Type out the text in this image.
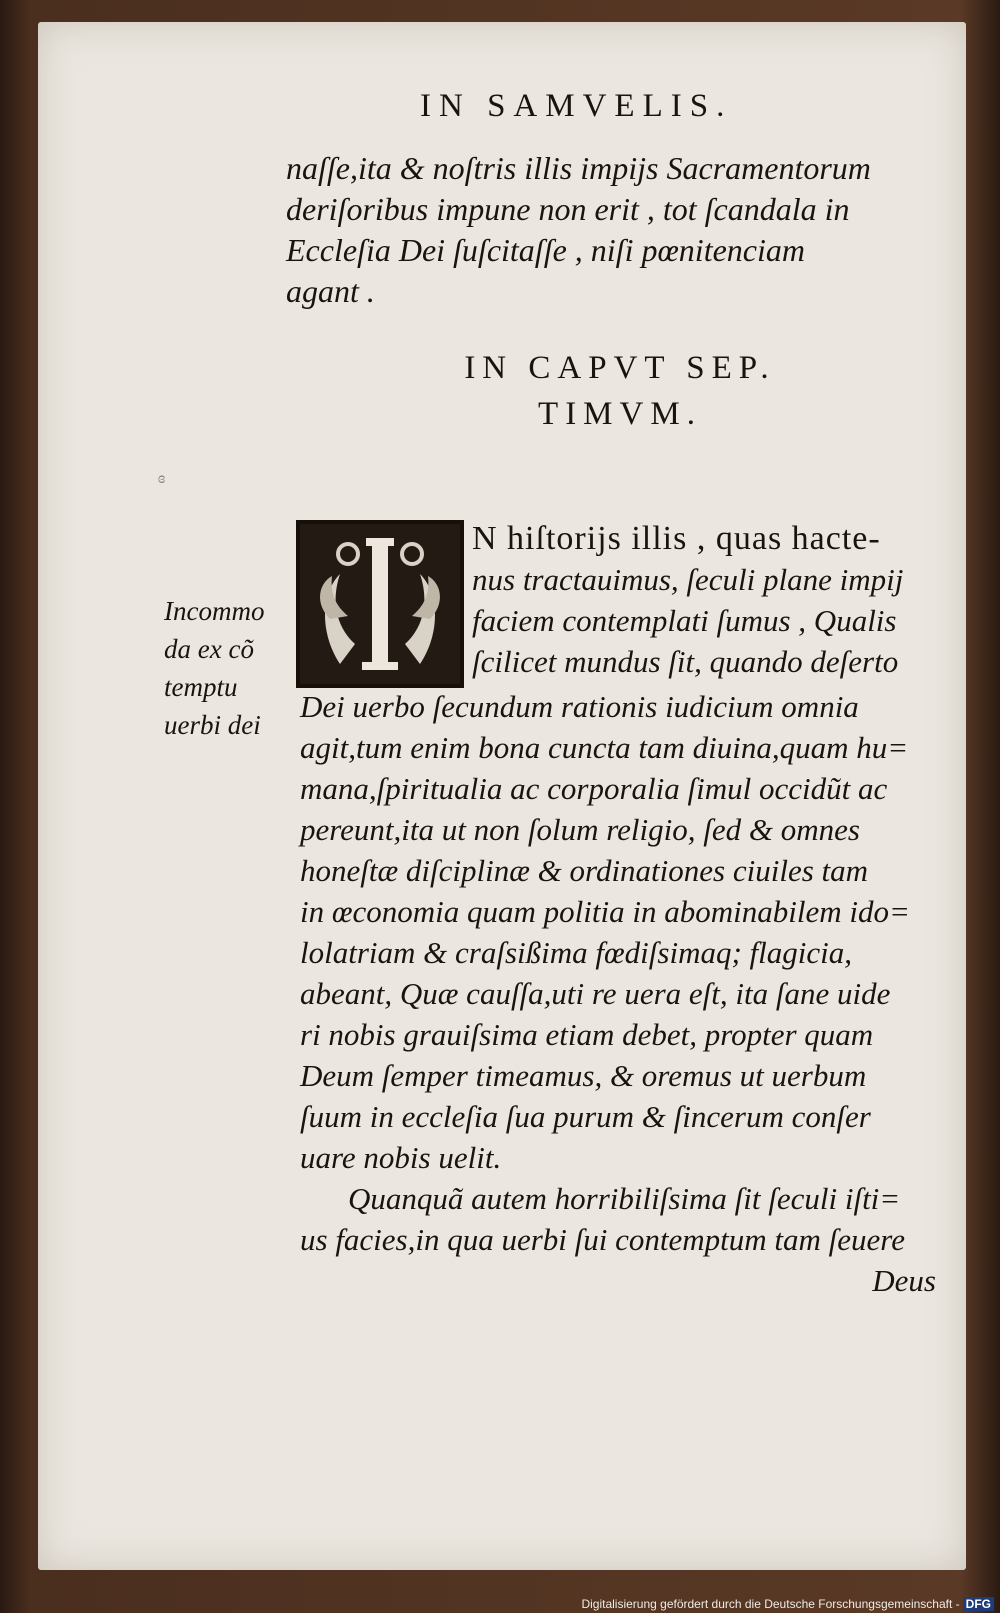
IN SAMVELIS.
naſſe,ita & noſtris illis impijs Sacramentorum
deriſoribus impune non erit , tot ſcandala in
Eccleſia Dei ſuſcitaſſe , niſi pœnitenciam
agant .
ɞ
IN CAPVT SEP.
TIMVM.
N hiſtorijs illis , quas hacte-
nus tractauimus, ſeculi plane impij
faciem contemplati ſumus , Qualis
ſcilicet mundus ſit, quando deſerto
Incommo
da ex cõ
temptu
uerbi dei
Dei uerbo ſecundum rationis iudicium omnia
agit,tum enim bona cuncta tam diuina,quam hu=
mana,ſpiritualia ac corporalia ſimul occidũt ac
pereunt,ita ut non ſolum religio, ſed & omnes
honeſtæ diſciplinæ & ordinationes ciuiles tam
in œconomia quam politia in abominabilem ido=
lolatriam & craſsißima fœdiſsimaq; flagicia,
abeant, Quæ cauſſa,uti re uera eſt, ita ſane uide
ri nobis grauiſsima etiam debet, propter quam
Deum ſemper timeamus, & oremus ut uerbum
ſuum in eccleſia ſua purum & ſincerum conſer
uare nobis uelit.
Quanquã autem horribiliſsima ſit ſeculi iſti=
us facies,in qua uerbi ſui contemptum tam ſeuere
Deus
Digitalisierung gefördert durch die Deutsche Forschungsgemeinschaft - DFG
